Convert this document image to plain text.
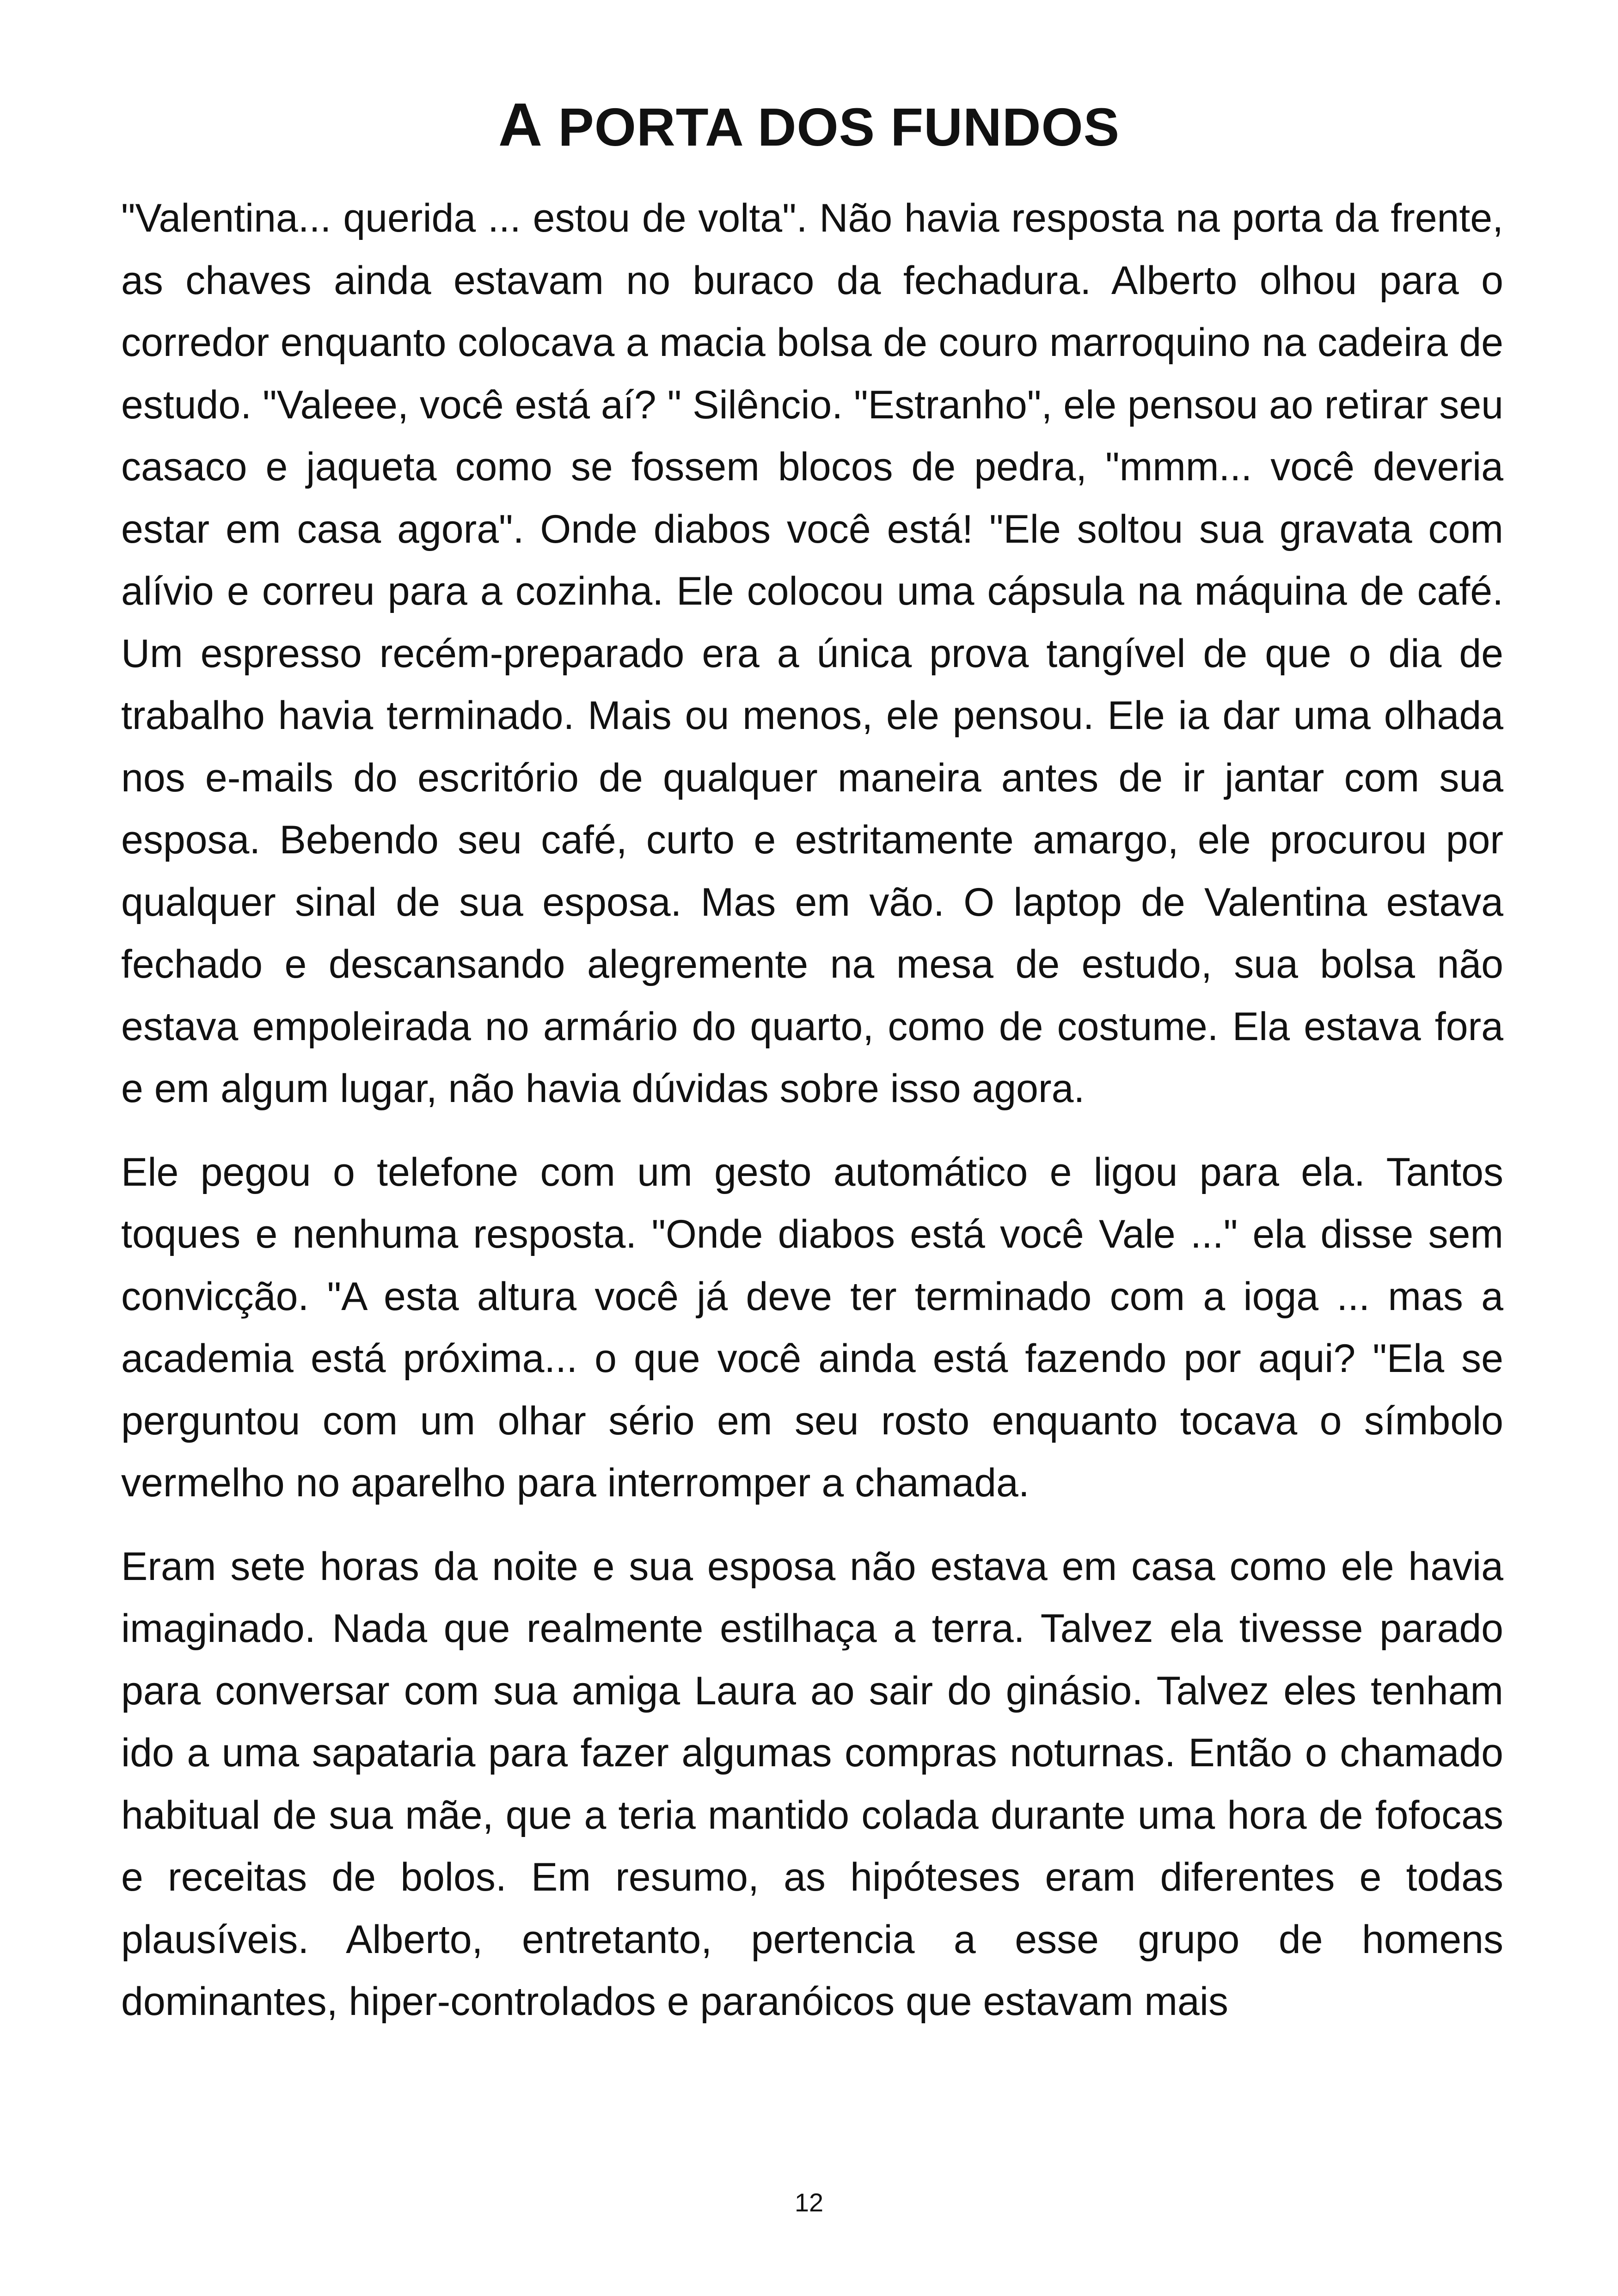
A PORTA DOS FUNDOS

"Valentina... querida ... estou de volta". Não havia resposta na porta da frente, as chaves ainda estavam no buraco da fechadura. Alberto olhou para o corredor enquanto colocava a macia bolsa de couro marroquino na cadeira de estudo. "Valeee, você está aí? " Silêncio. "Estranho", ele pensou ao retirar seu casaco e jaqueta como se fossem blocos de pedra, "mmm... você deveria estar em casa agora". Onde diabos você está! "Ele soltou sua gravata com alívio e correu para a cozinha. Ele colocou uma cápsula na máquina de café. Um espresso recém-preparado era a única prova tangível de que o dia de trabalho havia terminado. Mais ou menos, ele pensou. Ele ia dar uma olhada nos e-mails do escritório de qualquer maneira antes de ir jantar com sua esposa. Bebendo seu café, curto e estritamente amargo, ele procurou por qualquer sinal de sua esposa. Mas em vão. O laptop de Valentina estava fechado e descansando alegremente na mesa de estudo, sua bolsa não estava empoleirada no armário do quarto, como de costume. Ela estava fora e em algum lugar, não havia dúvidas sobre isso agora.

Ele pegou o telefone com um gesto automático e ligou para ela. Tantos toques e nenhuma resposta. "Onde diabos está você Vale ..." ela disse sem convicção. "A esta altura você já deve ter terminado com a ioga ... mas a academia está próxima... o que você ainda está fazendo por aqui? "Ela se perguntou com um olhar sério em seu rosto enquanto tocava o símbolo vermelho no aparelho para interromper a chamada.

Eram sete horas da noite e sua esposa não estava em casa como ele havia imaginado. Nada que realmente estilhaça a terra. Talvez ela tivesse parado para conversar com sua amiga Laura ao sair do ginásio. Talvez eles tenham ido a uma sapataria para fazer algumas compras noturnas. Então o chamado habitual de sua mãe, que a teria mantido colada durante uma hora de fofocas e receitas de bolos. Em resumo, as hipóteses eram diferentes e todas plausíveis. Alberto, entretanto, pertencia a esse grupo de homens dominantes, hiper-controlados e paranóicos que estavam mais

12
